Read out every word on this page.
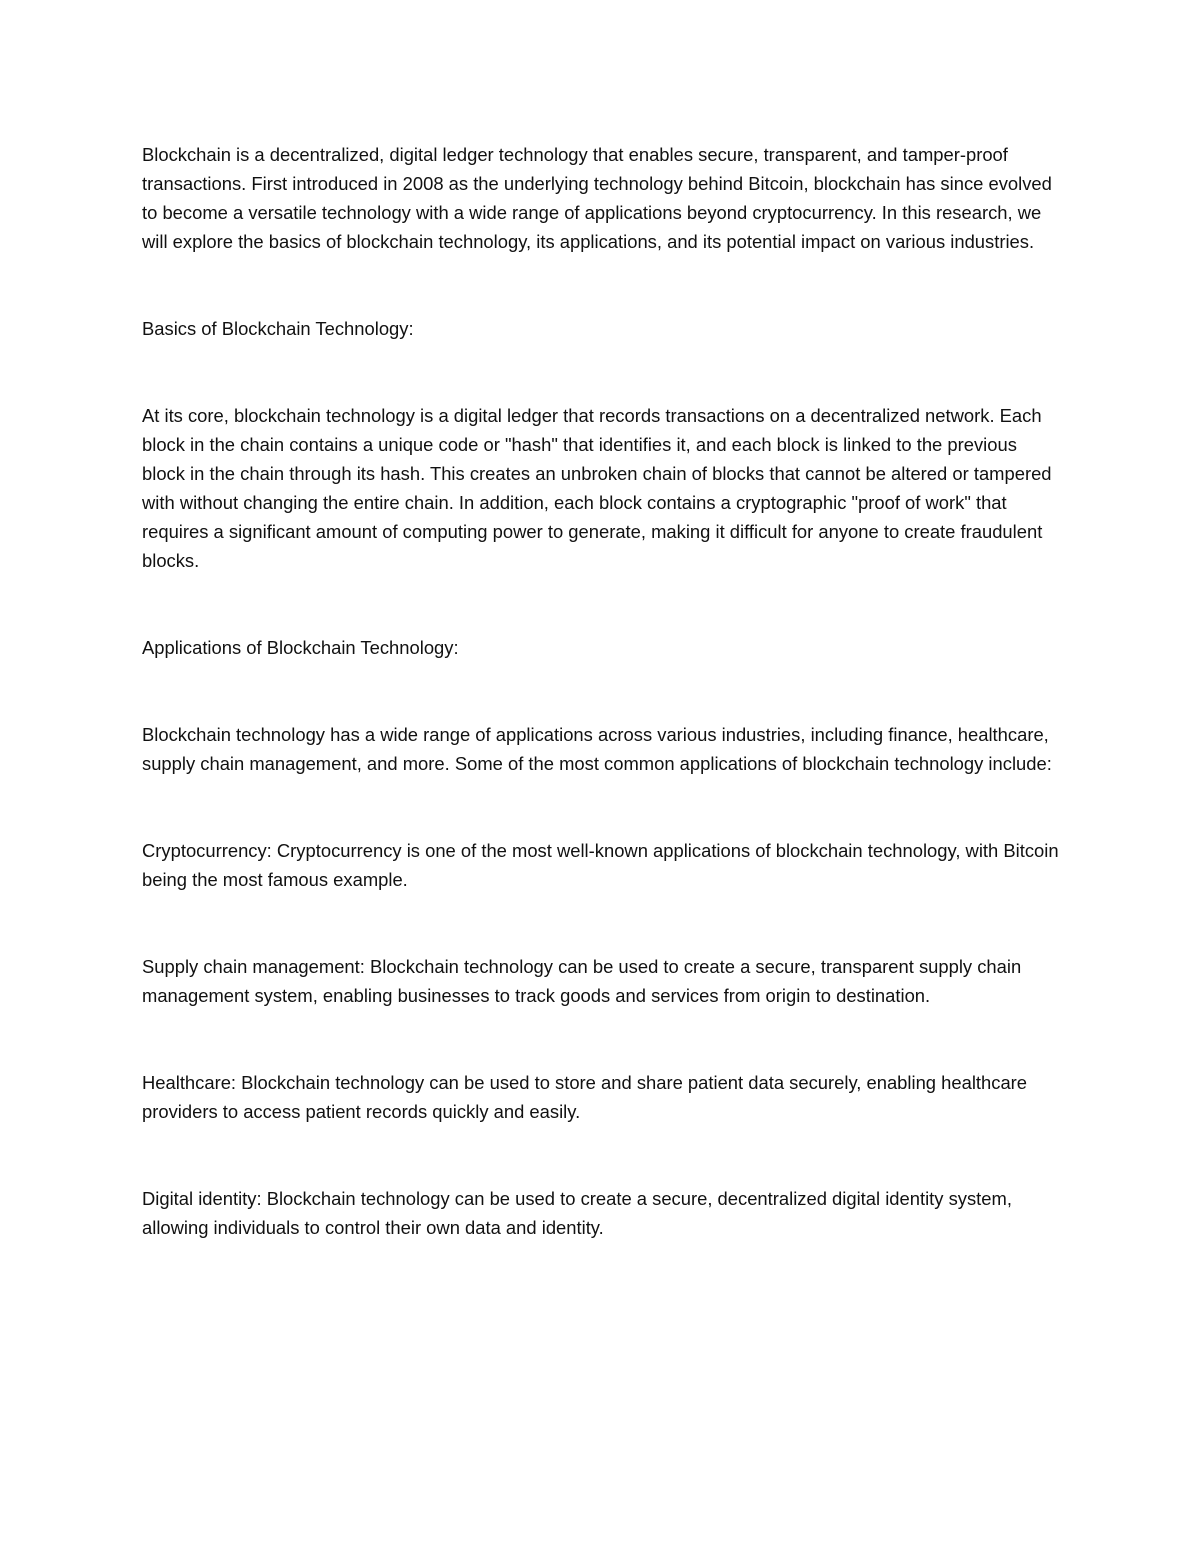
Blockchain is a decentralized, digital ledger technology that enables secure, transparent, and tamper-proof transactions. First introduced in 2008 as the underlying technology behind Bitcoin, blockchain has since evolved to become a versatile technology with a wide range of applications beyond cryptocurrency. In this research, we will explore the basics of blockchain technology, its applications, and its potential impact on various industries.

Basics of Blockchain Technology:

At its core, blockchain technology is a digital ledger that records transactions on a decentralized network. Each block in the chain contains a unique code or "hash" that identifies it, and each block is linked to the previous block in the chain through its hash. This creates an unbroken chain of blocks that cannot be altered or tampered with without changing the entire chain. In addition, each block contains a cryptographic "proof of work" that requires a significant amount of computing power to generate, making it difficult for anyone to create fraudulent blocks.

Applications of Blockchain Technology:

Blockchain technology has a wide range of applications across various industries, including finance, healthcare, supply chain management, and more. Some of the most common applications of blockchain technology include:

Cryptocurrency: Cryptocurrency is one of the most well-known applications of blockchain technology, with Bitcoin being the most famous example.

Supply chain management: Blockchain technology can be used to create a secure, transparent supply chain management system, enabling businesses to track goods and services from origin to destination.

Healthcare: Blockchain technology can be used to store and share patient data securely, enabling healthcare providers to access patient records quickly and easily.

Digital identity: Blockchain technology can be used to create a secure, decentralized digital identity system, allowing individuals to control their own data and identity.
